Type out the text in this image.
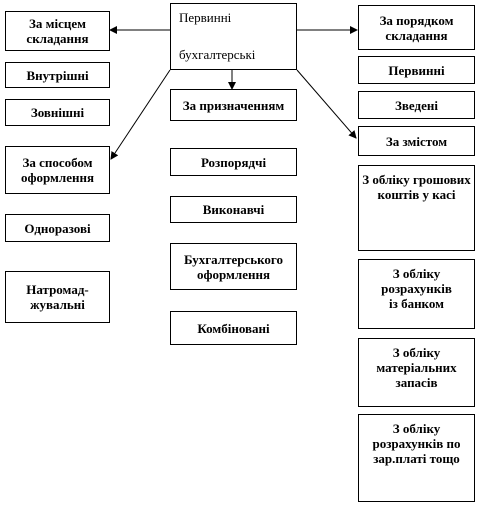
Первинні
бухгалтерські
За місцем складання
Внутрішні
Зовнішні
За способом оформлення
Одноразові
Натромад-
жувальні
За призначенням
Розпорядчі
Виконавчі
Бухгалтерського оформлення
Комбіновані
За порядком складання
Первинні
Зведені
За змістом
З обліку грошових коштів у касі
З обліку розрахунків
із банком
З обліку матеріальних запасів
З обліку розрахунків по зар.платі тощо
